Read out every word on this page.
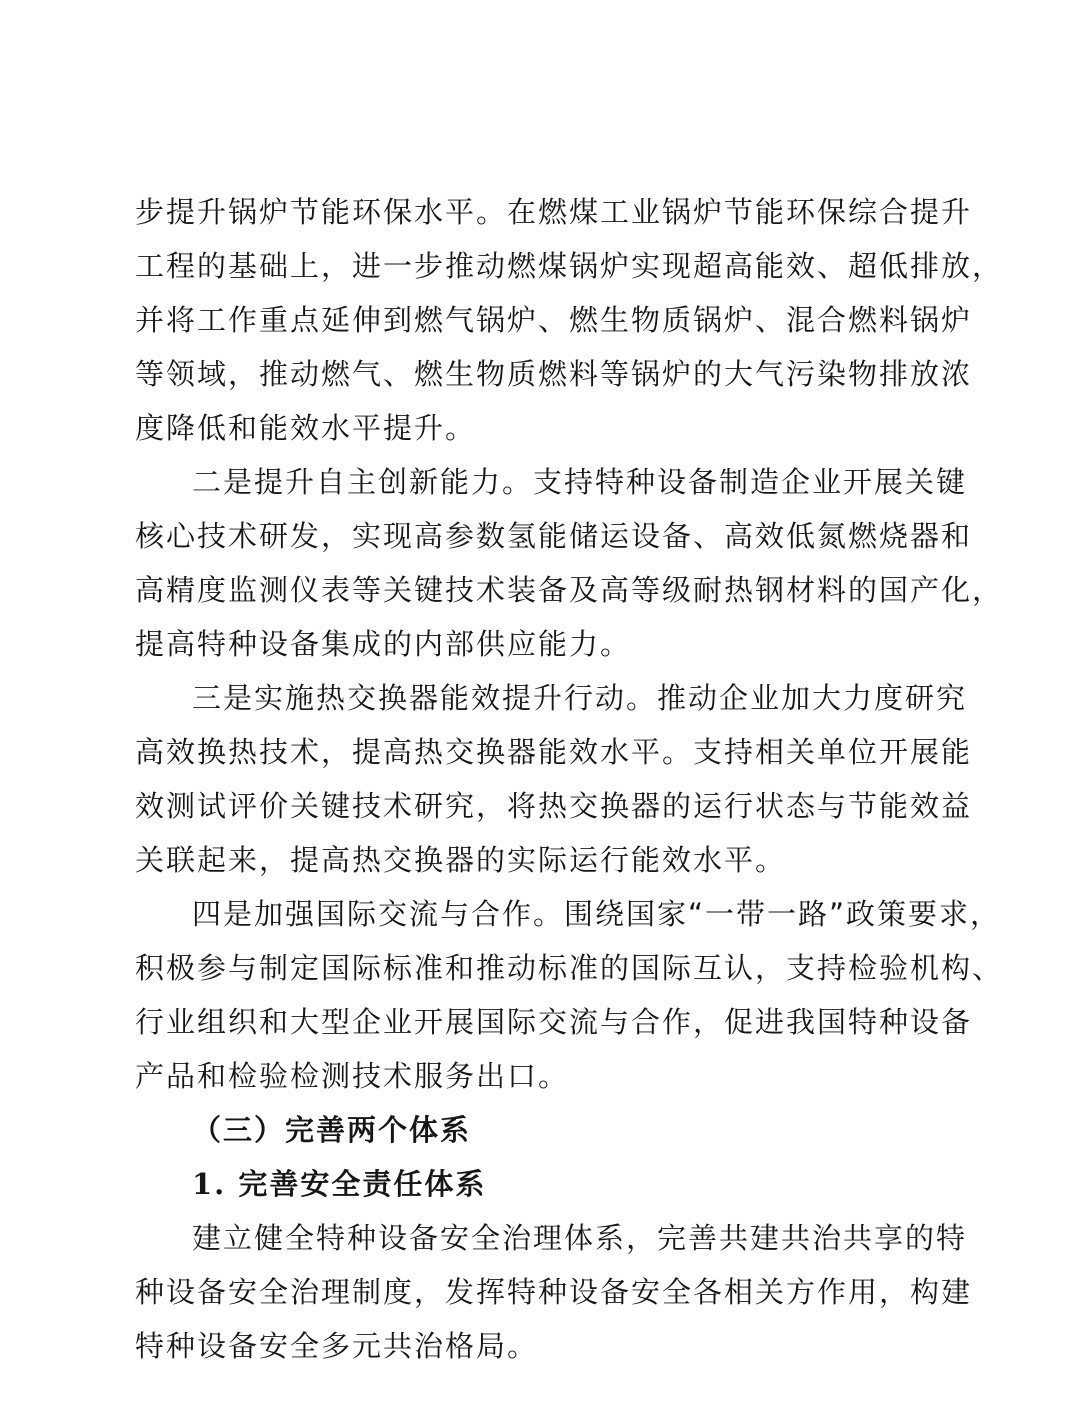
步提升锅炉节能环保水平。在燃煤工业锅炉节能环保综合提升
工程的基础上，进一步推动燃煤锅炉实现超高能效、超低排放，
并将工作重点延伸到燃气锅炉、燃生物质锅炉、混合燃料锅炉
等领域，推动燃气、燃生物质燃料等锅炉的大气污染物排放浓
度降低和能效水平提升。
二是提升自主创新能力。支持特种设备制造企业开展关键
核心技术研发，实现高参数氢能储运设备、高效低氮燃烧器和
高精度监测仪表等关键技术装备及高等级耐热钢材料的国产化，
提高特种设备集成的内部供应能力。
三是实施热交换器能效提升行动。推动企业加大力度研究
高效换热技术，提高热交换器能效水平。支持相关单位开展能
效测试评价关键技术研究，将热交换器的运行状态与节能效益
关联起来，提高热交换器的实际运行能效水平。
四是加强国际交流与合作。围绕国家“一带一路”政策要求，
积极参与制定国际标准和推动标准的国际互认，支持检验机构、
行业组织和大型企业开展国际交流与合作，促进我国特种设备
产品和检验检测技术服务出口。
（三）完善两个体系
1. 完善安全责任体系
建立健全特种设备安全治理体系，完善共建共治共享的特
种设备安全治理制度，发挥特种设备安全各相关方作用，构建
特种设备安全多元共治格局。
